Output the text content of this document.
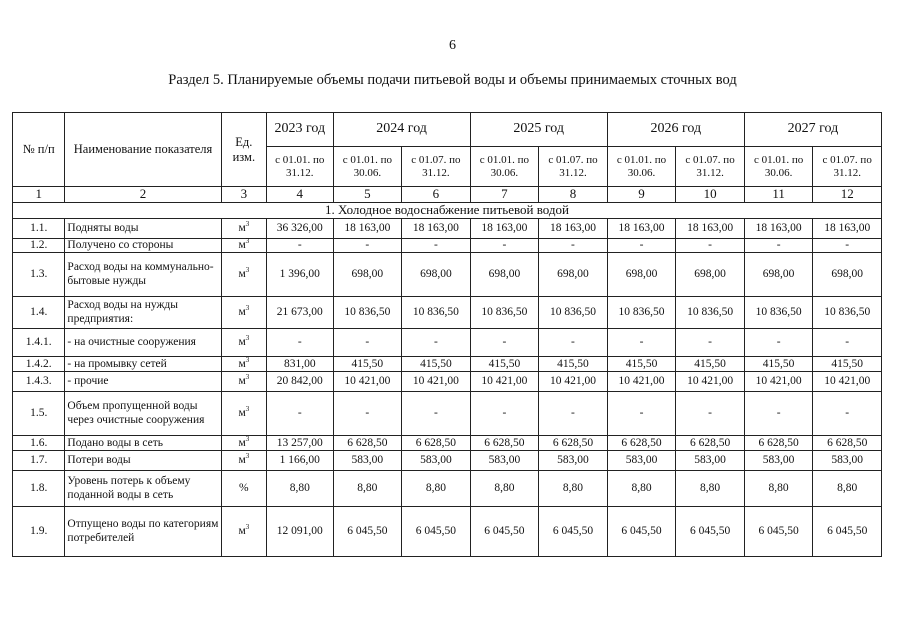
6
Раздел 5. Планируемые объемы подачи питьевой воды и объемы принимаемых сточных вод
№ п/п	Наименование показателя	Ед. изм.	2023 год	2024 год		2025 год		2026 год		2027 год	
			с 01.01. по 31.12.	с 01.01. по 30.06.	с 01.07. по 31.12.	с 01.01. по 30.06.	с 01.07. по 31.12.	с 01.01. по 30.06.	с 01.07. по 31.12.	с 01.01. по 30.06.	с 01.07. по 31.12.
1	2	3	4	5	6	7	8	9	10	11	12
1. Холодное водоснабжение питьевой водой											
1.1.	Подняты воды	$м^3$	36 326,00	18 163,00	18 163,00	18 163,00	18 163,00	18 163,00	18 163,00	18 163,00	18 163,00
1.2.	Получено со стороны	$м^3$	-	-	-	-	-	-	-	-	-
1.3.	Расход воды на коммунально-бытовые нужды	$м^3$	1 396,00	698,00	698,00	698,00	698,00	698,00	698,00	698,00	698,00
1.4.	Расход воды на нужды предприятия:	$м^3$	21 673,00	10 836,50	10 836,50	10 836,50	10 836,50	10 836,50	10 836,50	10 836,50	10 836,50
1.4.1.	- на очистные сооружения	$м^3$	-	-	-	-	-	-	-	-	-
1.4.2.	- на промывку сетей	$м^3$	831,00	415,50	415,50	415,50	415,50	415,50	415,50	415,50	415,50
1.4.3.	- прочие	$м^3$	20 842,00	10 421,00	10 421,00	10 421,00	10 421,00	10 421,00	10 421,00	10 421,00	10 421,00
1.5.	Объем пропущенной воды через очистные сооружения	$м^3$	-	-	-	-	-	-	-	-	-
1.6.	Подано воды в сеть	$м^3$	13 257,00	6 628,50	6 628,50	6 628,50	6 628,50	6 628,50	6 628,50	6 628,50	6 628,50
1.7.	Потери воды	$м^3$	1 166,00	583,00	583,00	583,00	583,00	583,00	583,00	583,00	583,00
1.8.	Уровень потерь к объему поданной воды в сеть	%	8,80	8,80	8,80	8,80	8,80	8,80	8,80	8,80	8,80
1.9.	Отпущено воды по категориям потребителей	$м^3$	12 091,00	6 045,50	6 045,50	6 045,50	6 045,50	6 045,50	6 045,50	6 045,50	6 045,50
